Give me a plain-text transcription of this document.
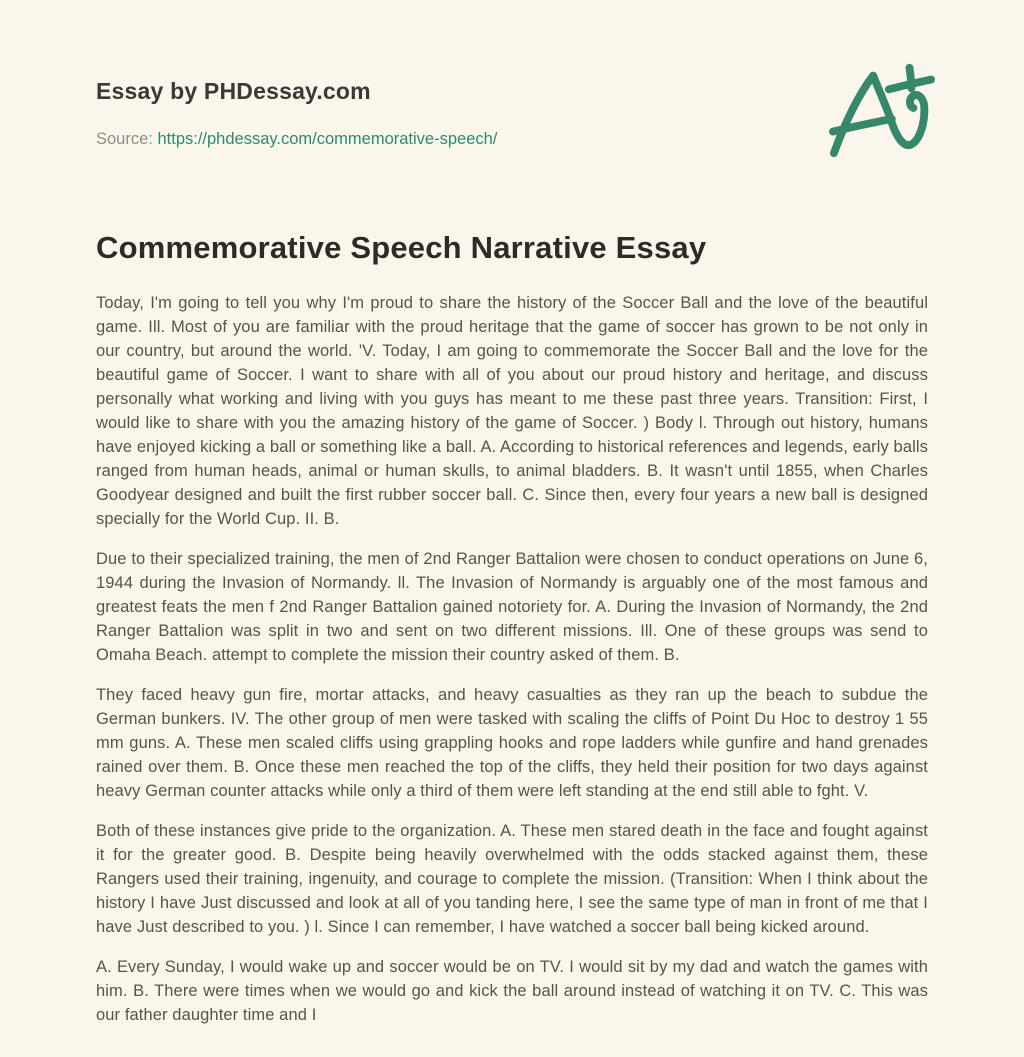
Essay by PHDessay.com
Source: https://phdessay.com/commemorative-speech/
Commemorative Speech Narrative Essay

Today, I'm going to tell you why I'm proud to share the history of the Soccer Ball and the love of the beautiful game. Ill. Most of you are familiar with the proud heritage that the game of soccer has grown to be not only in our country, but around the world. 'V. Today, I am going to commemorate the Soccer Ball and the love for the beautiful game of Soccer. I want to share with all of you about our proud history and heritage, and discuss personally what working and living with you guys has meant to me these past three years. Transition: First, I would like to share with you the amazing history of the game of Soccer. ) Body l. Through out history, humans have enjoyed kicking a ball or something like a ball. A. According to historical references and legends, early balls ranged from human heads, animal or human skulls, to animal bladders. B. It wasn't until 1855, when Charles Goodyear designed and built the first rubber soccer ball. C. Since then, every four years a new ball is designed specially for the World Cup. II. B.

Due to their specialized training, the men of 2nd Ranger Battalion were chosen to conduct operations on June 6, 1944 during the Invasion of Normandy. ll. The Invasion of Normandy is arguably one of the most famous and greatest feats the men f 2nd Ranger Battalion gained notoriety for. A. During the Invasion of Normandy, the 2nd Ranger Battalion was split in two and sent on two different missions. Ill. One of these groups was send to Omaha Beach. attempt to complete the mission their country asked of them. B.

They faced heavy gun fire, mortar attacks, and heavy casualties as they ran up the beach to subdue the German bunkers. IV. The other group of men were tasked with scaling the cliffs of Point Du Hoc to destroy 1 55 mm guns. A. These men scaled cliffs using grappling hooks and rope ladders while gunfire and hand grenades rained over them. B. Once these men reached the top of the cliffs, they held their position for two days against heavy German counter attacks while only a third of them were left standing at the end still able to fght. V.

Both of these instances give pride to the organization. A. These men stared death in the face and fought against it for the greater good. B. Despite being heavily overwhelmed with the odds stacked against them, these Rangers used their training, ingenuity, and courage to complete the mission. (Transition: When I think about the history I have Just discussed and look at all of you tanding here, I see the same type of man in front of me that I have Just described to you. ) l. Since I can remember, I have watched a soccer ball being kicked around.

A. Every Sunday, I would wake up and soccer would be on TV. I would sit by my dad and watch the games with him. B. There were times when we would go and kick the ball around instead of watching it on TV. C. This was our father daughter time and I
